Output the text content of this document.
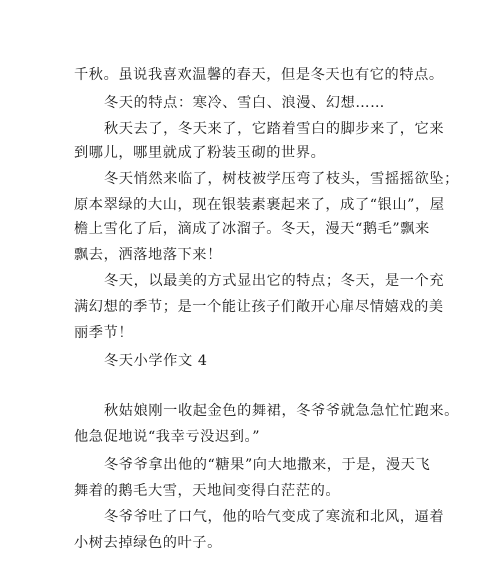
千秋。虽说我喜欢温馨的春天，但是冬天也有它的特点。
冬天的特点：寒冷、雪白、浪漫、幻想……
秋天去了，冬天来了，它踏着雪白的脚步来了，它来
到哪儿，哪里就成了粉装玉砌的世界。
冬天悄然来临了，树枝被学压弯了枝头，雪摇摇欲坠；
原本翠绿的大山，现在银装素裹起来了，成了“银山”，屋
檐上雪化了后，滴成了冰溜子。冬天，漫天“鹅毛”飘来
飘去，洒落地落下来！
冬天，以最美的方式显出它的特点；冬天，是一个充
满幻想的季节；是一个能让孩子们敞开心扉尽情嬉戏的美
丽季节！
冬天小学作文 4
秋姑娘刚一收起金色的舞裙，冬爷爷就急急忙忙跑来。
他急促地说“我幸亏没迟到。”
冬爷爷拿出他的“糖果”向大地撒来，于是，漫天飞
舞着的鹅毛大雪，天地间变得白茫茫的。
冬爷爷吐了口气，他的哈气变成了寒流和北风，逼着
小树去掉绿色的叶子。
